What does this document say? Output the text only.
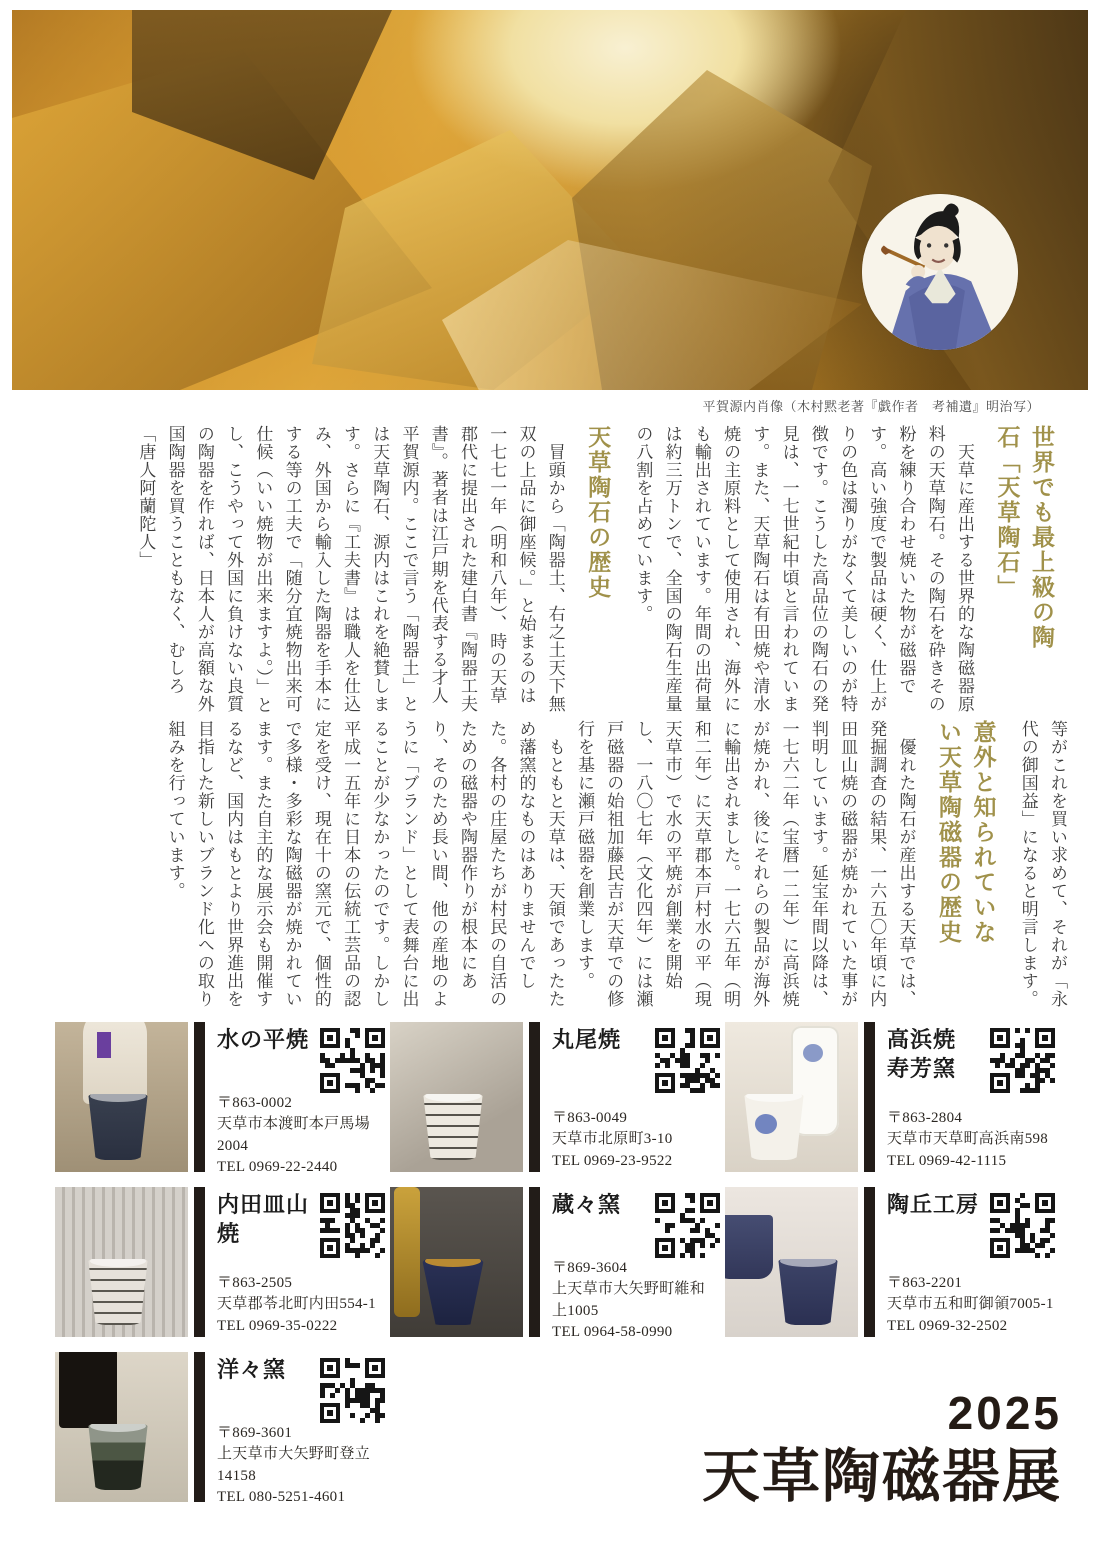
平賀源内肖像（木村黙老著『戯作者　考補遺』明治写）
世界でも最上級の陶石「天草陶石」

　天草に産出する世界的な陶磁器原料の天草陶石。その陶石を砕きその粉を練り合わせ焼いた物が磁器です。高い強度で製品は硬く、仕上がりの色は濁りがなくて美しいのが特徴です。こうした高品位の陶石の発見は、一七世紀中頃と言われています。また、天草陶石は有田焼や清水焼の主原料として使用され、海外にも輸出されています。年間の出荷量は約三万トンで、全国の陶石生産量の八割を占めています。

天草陶石の歴史

　冒頭から「陶器土、右之土天下無双の上品に御座候。」と始まるのは一七七一年（明和八年）、時の天草郡代に提出された建白書『陶器工夫書』。著者は江戸期を代表する才人平賀源内。ここで言う「陶器土」とは天草陶石、源内はこれを絶賛します。さらに『工夫書』は職人を仕込み、外国から輸入した陶器を手本にする等の工夫で「随分宜焼物出来可仕候（いい焼物が出来ますよ。）」とし、こうやって外国に負けない良質の陶器を作れば、日本人が高額な外国陶器を買うこともなく、むしろ「唐人阿蘭陀人」

等がこれを買い求めて、それが「永代の御国益」になると明言します。

意外と知られていない天草陶磁器の歴史

　優れた陶石が産出する天草では、発掘調査の結果、一六五〇年頃に内田皿山焼の磁器が焼かれていた事が判明しています。延宝年間以降は、一七六二年（宝暦一二年）に高浜焼が焼かれ、後にそれらの製品が海外に輸出されました。一七六五年（明和二年）に天草郡本戸村水の平（現天草市）で水の平焼が創業を開始し、一八〇七年（文化四年）には瀬戸磁器の始祖加藤民吉が天草での修行を基に瀬戸磁器を創業します。

　もともと天草は、天領であったため藩窯的なものはありませんでした。各村の庄屋たちが村民の自活のための磁器や陶器作りが根本にあり、そのため長い間、他の産地のように「ブランド」として表舞台に出ることが少なかったのです。しかし平成一五年に日本の伝統工芸品の認定を受け、現在十の窯元で、個性的で多様・多彩な陶磁器が焼かれています。また自主的な展示会も開催するなど、国内はもとより世界進出を目指した新しいブランド化への取り組みを行っています。

水の平焼
〒863-0002
天草市本渡町本戸馬場2004
TEL 0969-22-2440
丸尾焼
〒863-0049
天草市北原町3-10
TEL 0969-23-9522
高浜焼
寿芳窯
〒863-2804
天草市天草町高浜南598
TEL 0969-42-1115
内田皿山焼
〒863-2505
天草郡苓北町内田554-1
TEL 0969-35-0222
蔵々窯
〒869-3604
上天草市大矢野町維和上1005
TEL 0964-58-0990
陶丘工房
〒863-2201
天草市五和町御領7005-1
TEL 0969-32-2502
洋々窯
〒869-3601
上天草市大矢野町登立14158
TEL 080-5251-4601
2025
天草陶磁器展
